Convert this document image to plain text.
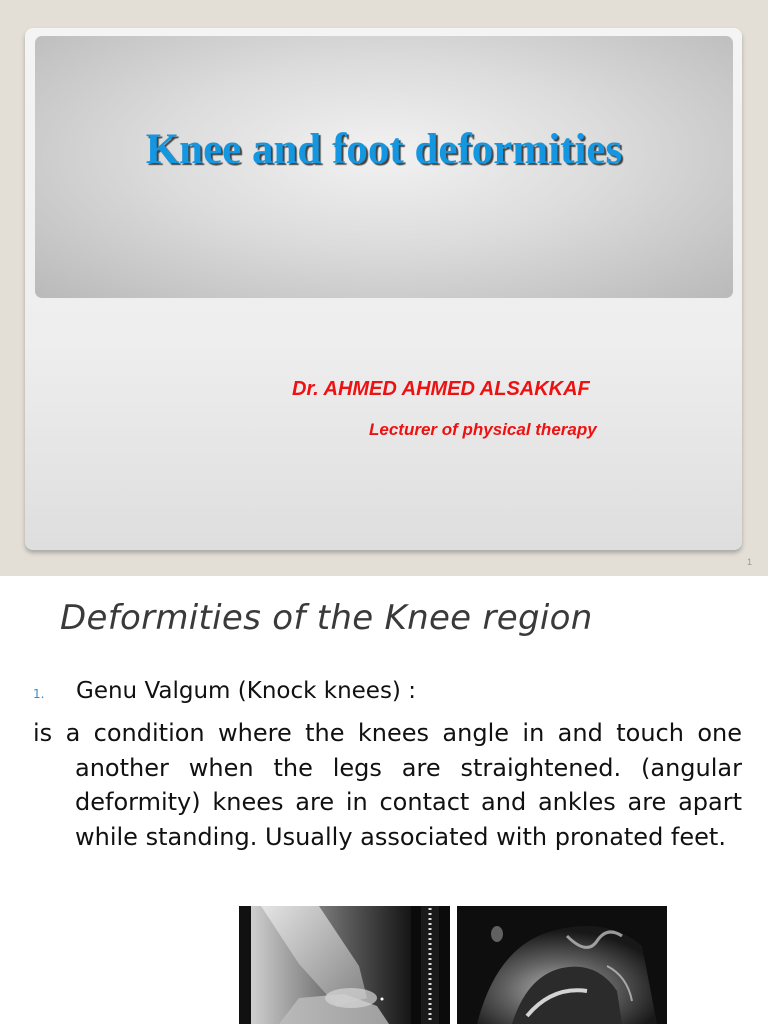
1
Knee and foot deformities

Dr. AHMED AHMED ALSAKKAF

Lecturer of physical therapy

Deformities of the Knee region
1. Genu Valgum (Knock knees) :

is a condition where the knees angle in and touch one another when the legs are straightened. (angular deformity) knees are in contact and ankles are apart while standing. Usually associated with pronated feet.
